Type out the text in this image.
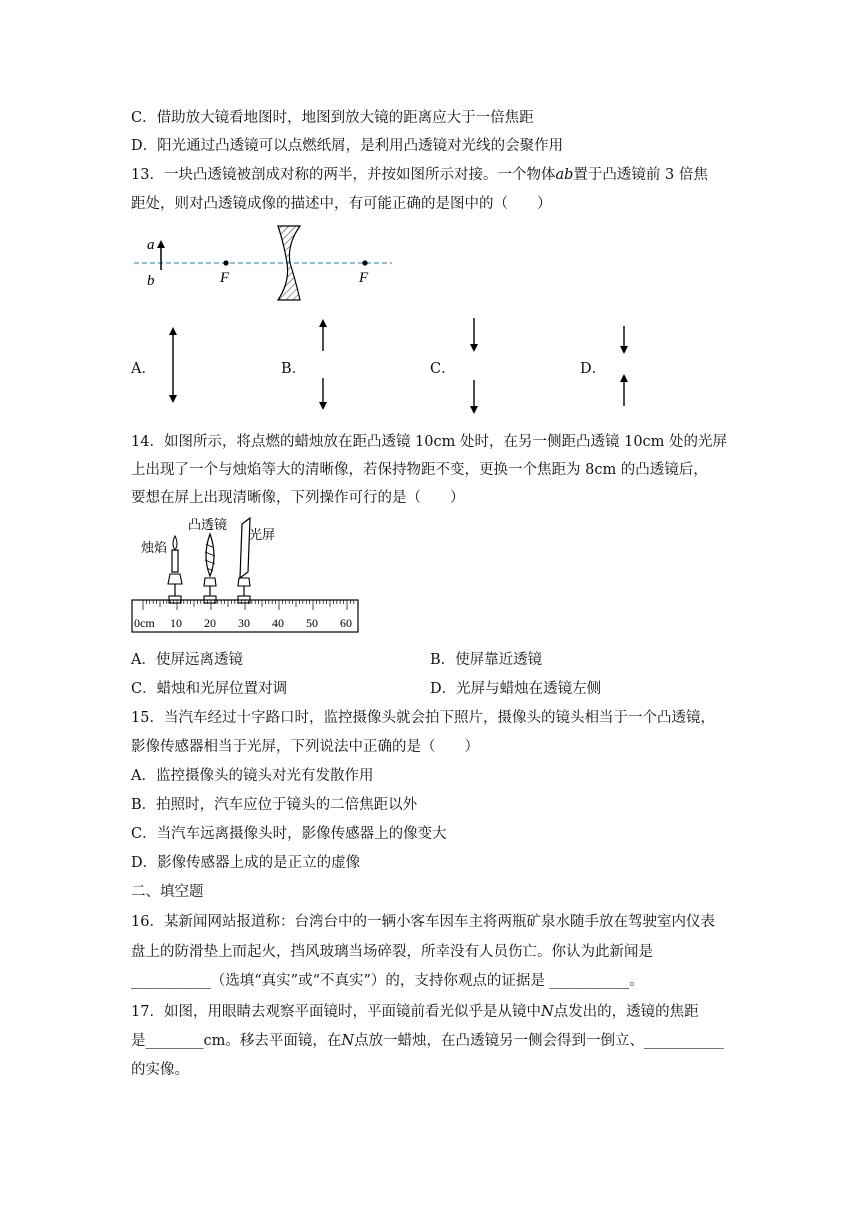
C．借助放大镜看地图时，地图到放大镜的距离应大于一倍焦距
D．阳光通过凸透镜可以点燃纸屑，是利用凸透镜对光线的会聚作用
13．一块凸透镜被剖成对称的两半，并按如图所示对接。一个物体ab置于凸透镜前 3 倍焦
距处，则对凸透镜成像的描述中，有可能正确的是图中的（　　）
a
b	F	F
A．	B．	C．	D．
14．如图所示，将点燃的蜡烛放在距凸透镜 10cm 处时，在另一侧距凸透镜 10cm 处的光屏
上出现了一个与烛焰等大的清晰像，若保持物距不变，更换一个焦距为 8cm 的凸透镜后，
要想在屏上出现清晰像，下列操作可行的是（　　）
烛焰
凸透镜
光屏
0cm 10 20 30 40 50 60
A．使屏远离透镜	B．使屏靠近透镜
C．蜡烛和光屏位置对调	D．光屏与蜡烛在透镜左侧
15．当汽车经过十字路口时，监控摄像头就会拍下照片，摄像头的镜头相当于一个凸透镜，
影像传感器相当于光屏，下列说法中正确的是（　　）
A．监控摄像头的镜头对光有发散作用
B．拍照时，汽车应位于镜头的二倍焦距以外
C．当汽车远离摄像头时，影像传感器上的像变大
D．影像传感器上成的是正立的虚像
二、填空题
16．某新闻网站报道称：台湾台中的一辆小客车因车主将两瓶矿泉水随手放在驾驶室内仪表
盘上的防滑垫上而起火，挡风玻璃当场碎裂，所幸没有人员伤亡。你认为此新闻是
___________（选填“真实”或“不真实”）的，支持你观点的证据是 ___________。
17．如图，用眼睛去观察平面镜时，平面镜前看光似乎是从镜中N点发出的，透镜的焦距
是________cm。移去平面镜，在N点放一蜡烛，在凸透镜另一侧会得到一倒立、___________
的实像。
